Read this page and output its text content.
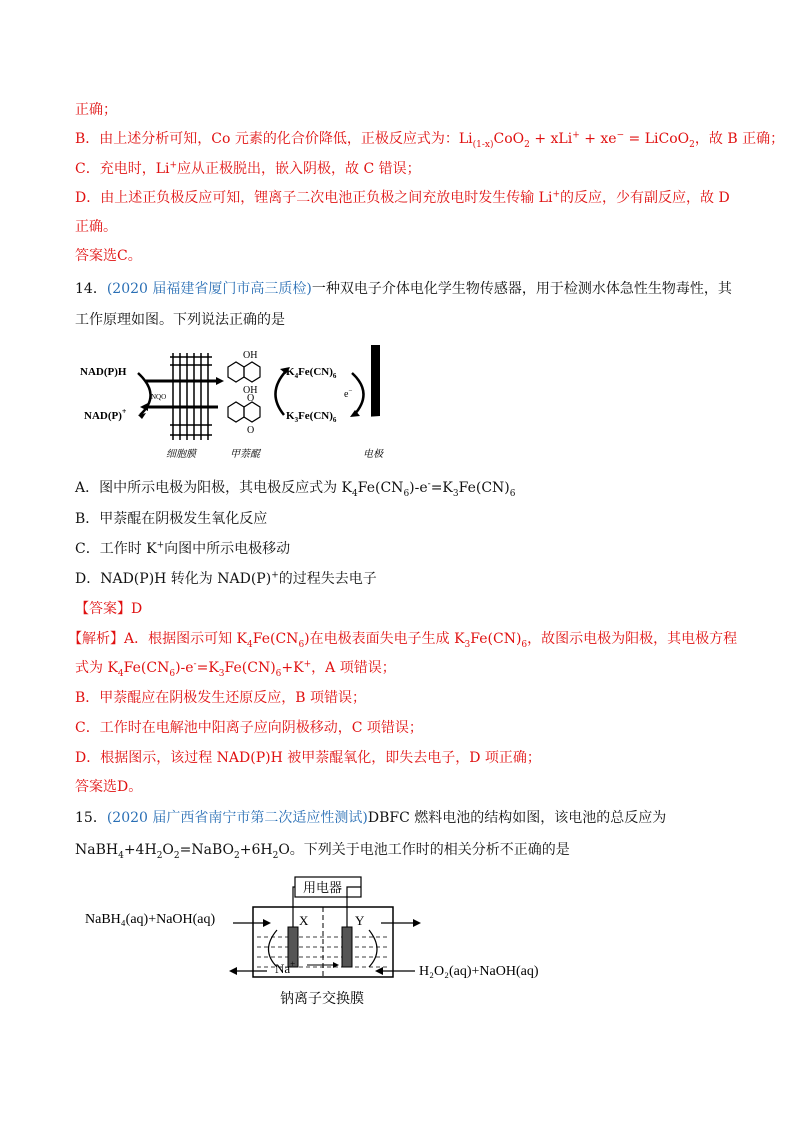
正确；
B．由上述分析可知，Co 元素的化合价降低，正极反应式为：$Li_{(1-x)}CoO_2 + xLi^+ + xe^-$ = LiCoO$_2$，故 B 正确；
C．充电时，Li+应从正极脱出，嵌入阴极，故 C 错误；
D．由上述正负极反应可知，锂离子二次电池正负极之间充放电时发生传输 Li+的反应，少有副反应，故 D
正确。
答案选C。
14．(2020 届福建省厦门市高三质检)一种双电子介体电化学生物传感器，用于检测水体急性生物毒性，其
工作原理如图。下列说法正确的是
NAD(P)H
NAD(P)+
NQO
OH
OH
O
O
$K_4Fe(CN)_6$
$K_3Fe(CN)_6$
e−
细胞膜	甲萘醌	电极
A．图中所示电极为阳极，其电极反应式为 $K_4Fe(CN_6)-e^-=K_3Fe(CN)_6$
B．甲萘醌在阴极发生氧化反应
C．工作时 K+向图中所示电极移动
D．NAD(P)H 转化为 NAD(P)+的过程失去电子
【答案】D
【解析】A．根据图示可知 $K_4Fe(CN_6)$在电极表面失电子生成 $K_3Fe(CN)_6$，故图示电极为阳极，其电极方程
式为 $K_4Fe(CN_6)-e^-=K_3Fe(CN)_6+K^+$，A 项错误；
B．甲萘醌应在阴极发生还原反应，B 项错误；
C．工作时在电解池中阳离子应向阴极移动，C 项错误；
D．根据图示，该过程 NAD(P)H 被甲萘醌氧化，即失去电子，D 项正确；
答案选D。
15．(2020 届广西省南宁市第二次适应性测试)DBFC 燃料电池的结构如图，该电池的总反应为
$NaBH_4+4H_2O_2=NaBO_2+6H_2O$。下列关于电池工作时的相关分析不正确的是
用电器
X	Y
NaBH₄(aq)+NaOH(aq)
H₂O₂(aq)+NaOH(aq)
Na+
钠离子交换膜
